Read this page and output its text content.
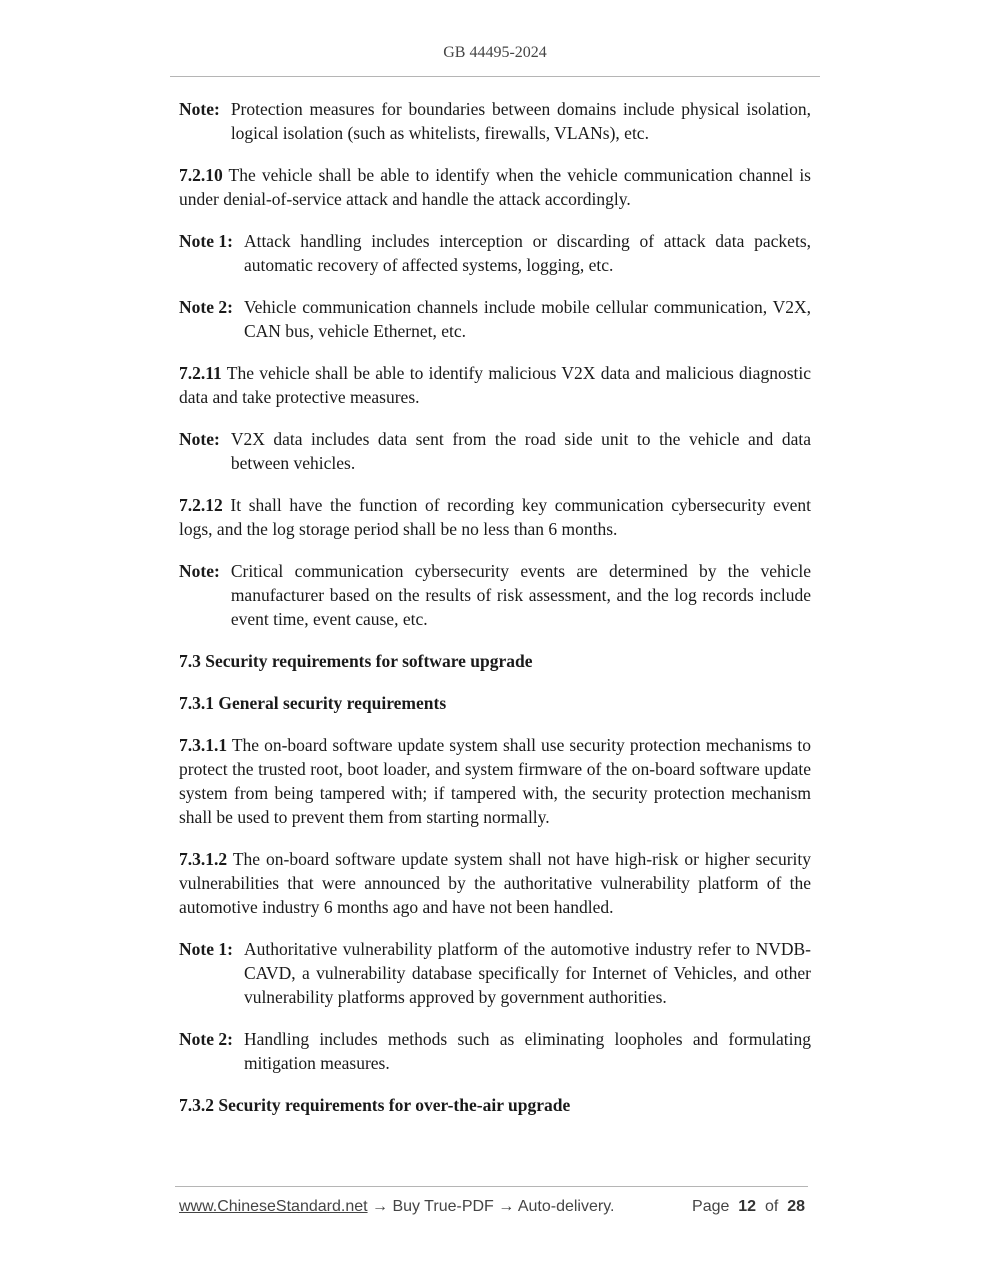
GB 44495-2024
Note: Protection measures for boundaries between domains include physical isolation, logical isolation (such as whitelists, firewalls, VLANs), etc.

7.2.10 The vehicle shall be able to identify when the vehicle communication channel is under denial-of-service attack and handle the attack accordingly.

Note 1: Attack handling includes interception or discarding of attack data packets, automatic recovery of affected systems, logging, etc.
Note 2: Vehicle communication channels include mobile cellular communication, V2X, CAN bus, vehicle Ethernet, etc.

7.2.11 The vehicle shall be able to identify malicious V2X data and malicious diagnostic data and take protective measures.

Note: V2X data includes data sent from the road side unit to the vehicle and data between vehicles.

7.2.12 It shall have the function of recording key communication cybersecurity event logs, and the log storage period shall be no less than 6 months.

Note: Critical communication cybersecurity events are determined by the vehicle manufacturer based on the results of risk assessment, and the log records include event time, event cause, etc.
7.3 Security requirements for software upgrade
7.3.1 General security requirements

7.3.1.1 The on-board software update system shall use security protection mechanisms to protect the trusted root, boot loader, and system firmware of the on-board software update system from being tampered with; if tampered with, the security protection mechanism shall be used to prevent them from starting normally.

7.3.1.2 The on-board software update system shall not have high-risk or higher security vulnerabilities that were announced by the authoritative vulnerability platform of the automotive industry 6 months ago and have not been handled.

Note 1: Authoritative vulnerability platform of the automotive industry refer to NVDB-CAVD, a vulnerability database specifically for Internet of Vehicles, and other vulnerability platforms approved by government authorities.
Note 2: Handling includes methods such as eliminating loopholes and formulating mitigation measures.
7.3.2 Security requirements for over-the-air upgrade
www.ChineseStandard.net → Buy True-PDF → Auto-delivery.	Page 12 of 28
